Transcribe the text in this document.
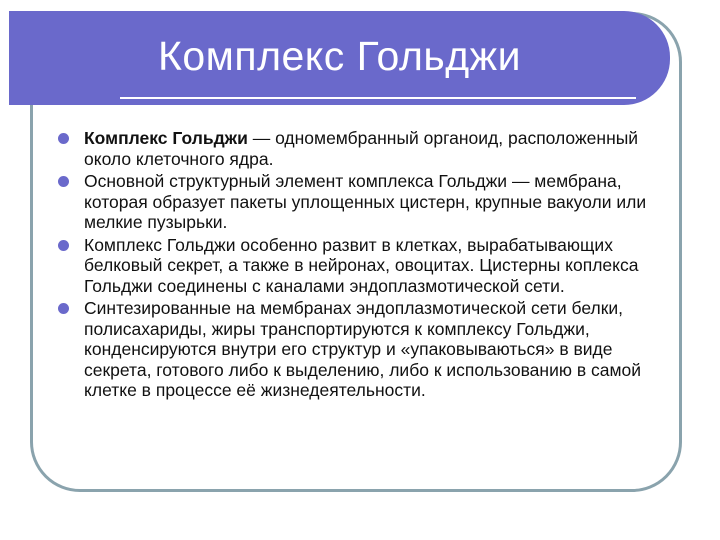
Комплекс Гольджи
Комплекс Гольджи — одномембранный органоид, расположенный около клеточного ядра.
Основной структурный элемент комплекса Гольджи — мембрана, которая образует пакеты уплощенных цистерн, крупные вакуоли или мелкие пузырьки.
Комплекс Гольджи особенно развит в клетках, вырабатывающих белковый секрет, а также в нейронах, овоцитах. Цистерны коплекса Гольджи соединены с каналами эндоплазмотической сети.
Синтезированные на мембранах эндоплазмотической сети белки, полисахариды, жиры транспортируются к комплексу Гольджи, конденсируются внутри его структур и «упаковываються» в виде секрета, готового либо к выделению, либо к использованию в самой клетке в процессе её жизнедеятельности.
